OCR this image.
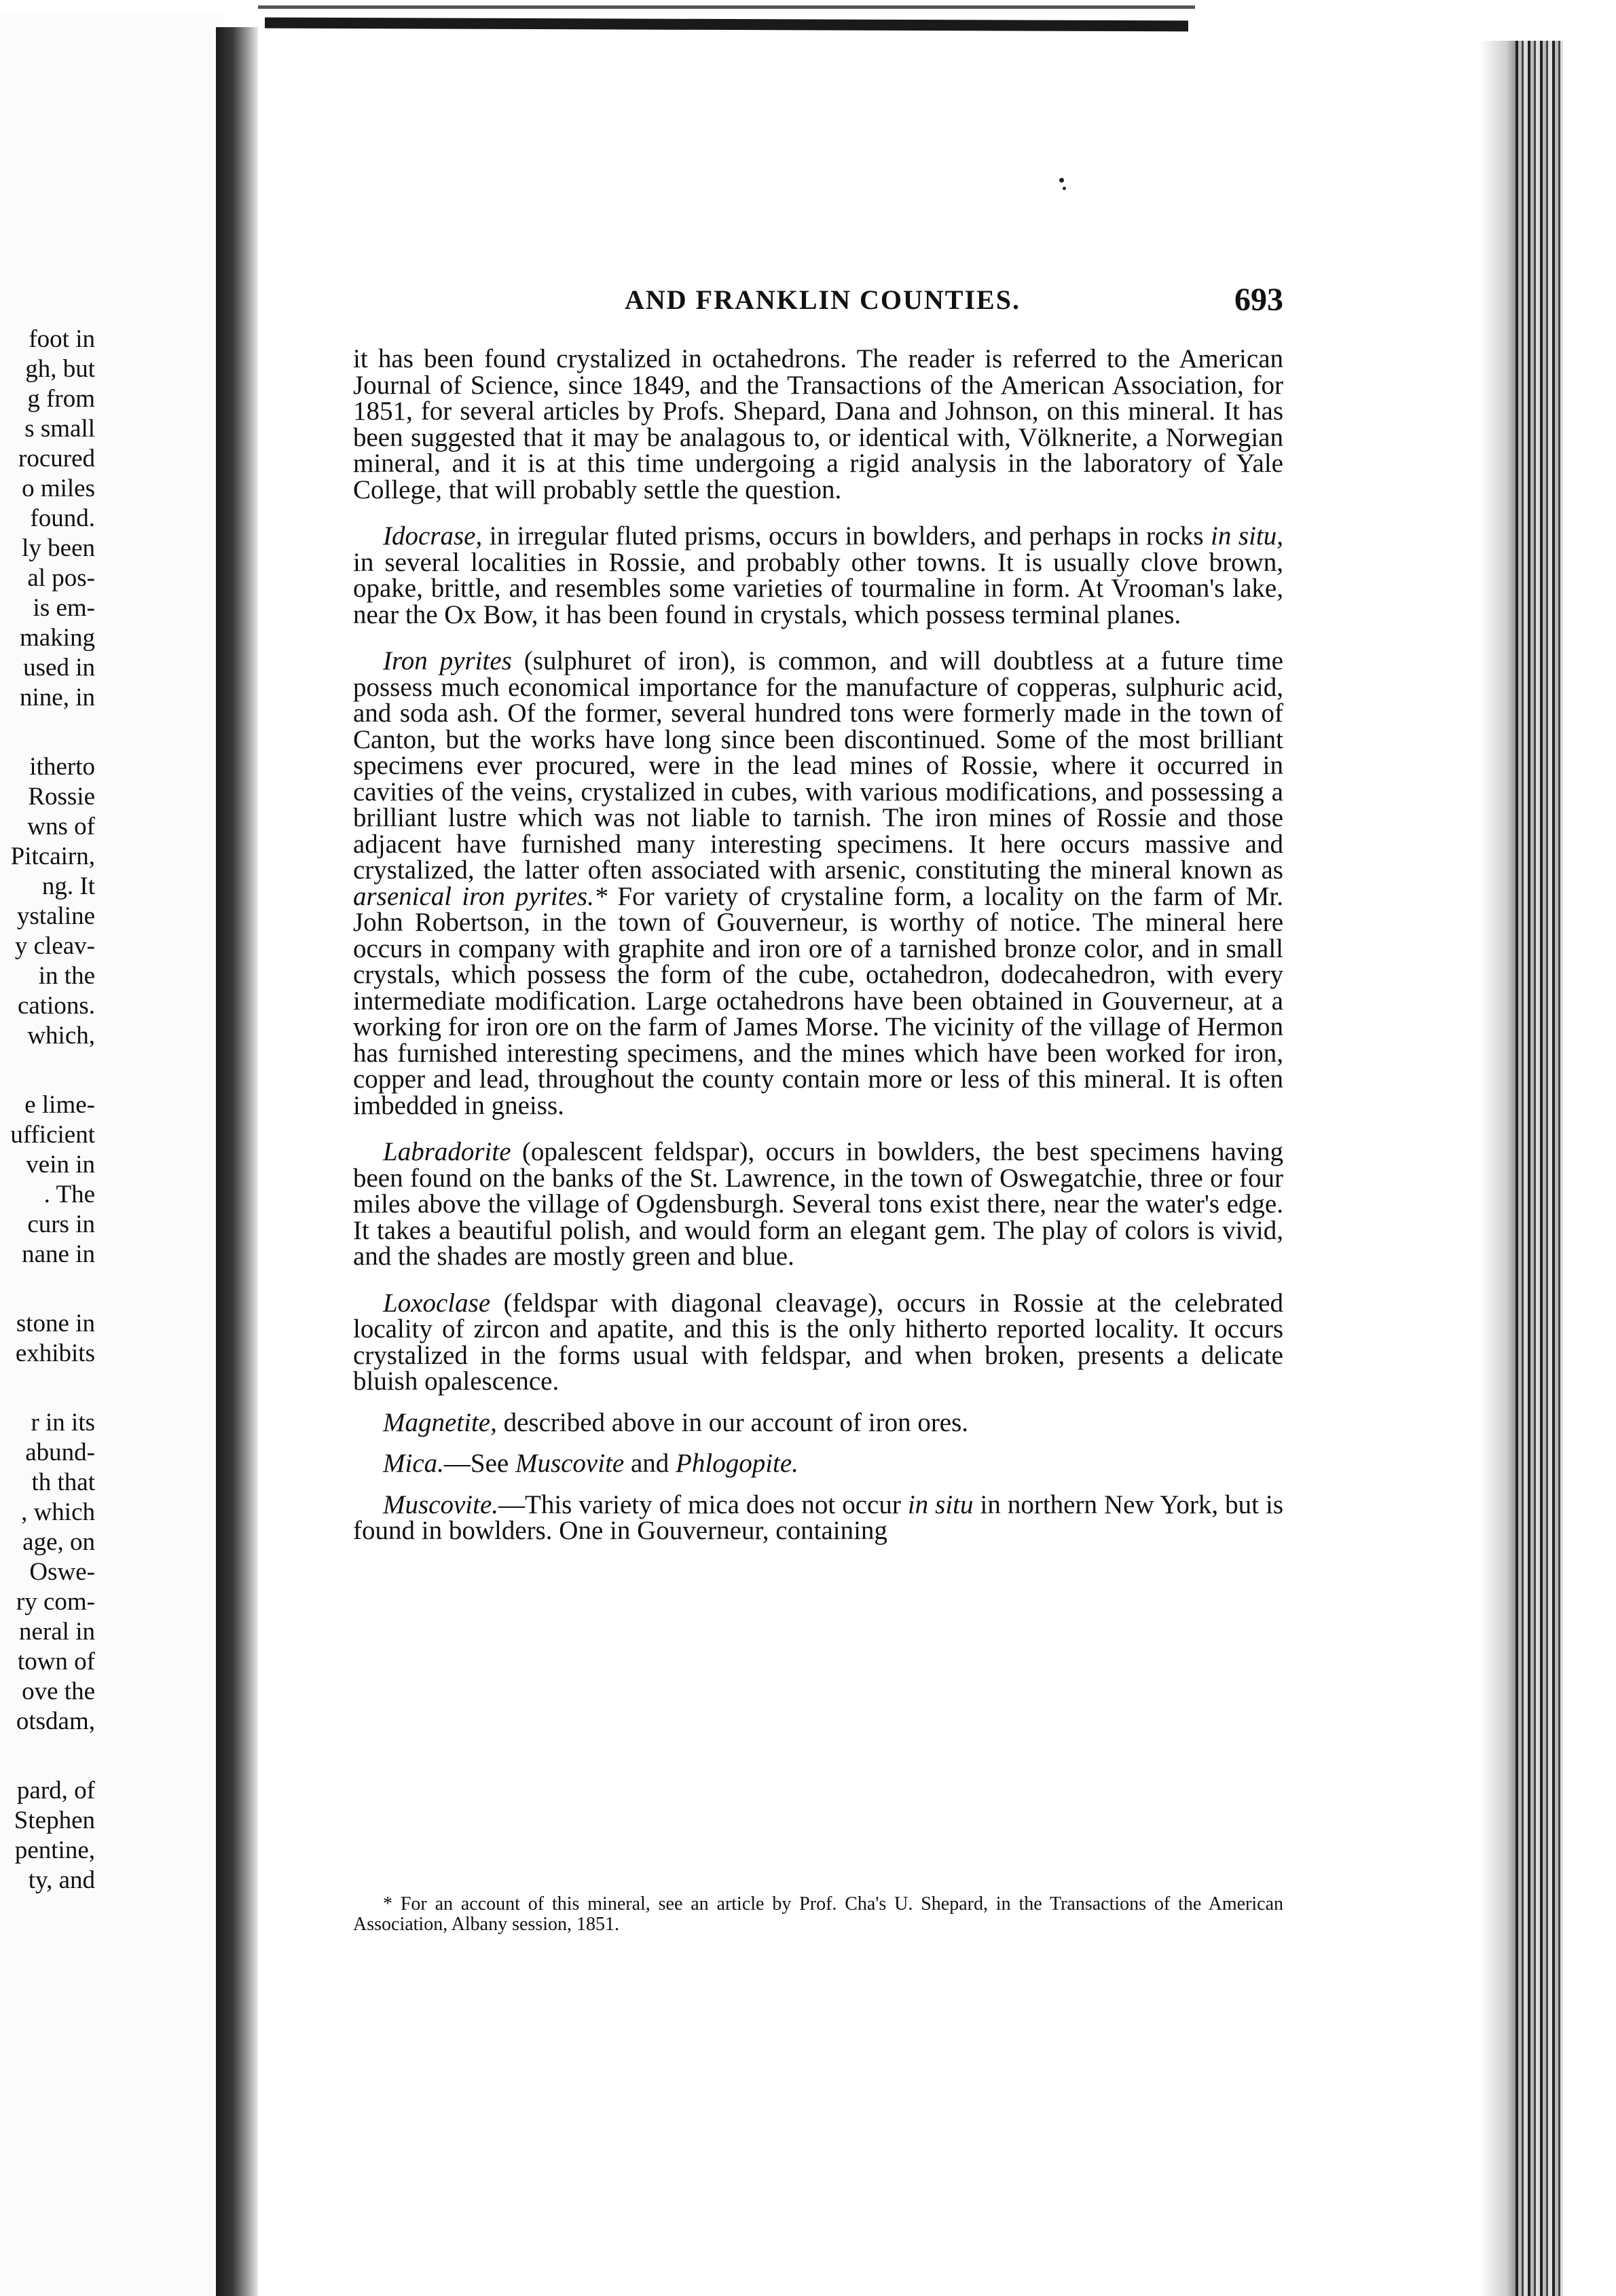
foot in
gh, but
g from
s small
rocured
o miles
found.
ly been
al pos-
is em-
making
used in
nine, in
itherto
Rossie
wns of
Pitcairn,
ng. It
ystaline
y cleav-
in the
cations.
which,
e lime-
ufficient
vein in
. The
curs in
nane in
stone in
exhibits
r in its
abund-
th that
, which
age, on
Oswe-
ry com-
neral in
town of
ove the
otsdam,
pard, of
Stephen
pentine,
ty, and
AND FRANKLIN COUNTIES.	693

it has been found crystalized in octahedrons. The reader is referred to the American Journal of Science, since 1849, and the Transactions of the American Association, for 1851, for several articles by Profs. Shepard, Dana and Johnson, on this mineral. It has been suggested that it may be analagous to, or identical with, Vӧlknerite, a Norwegian mineral, and it is at this time undergoing a rigid analysis in the laboratory of Yale College, that will probably settle the question.

Idocrase, in irregular fluted prisms, occurs in bowlders, and perhaps in rocks in situ, in several localities in Rossie, and probably other towns. It is usually clove brown, opake, brittle, and resembles some varieties of tourmaline in form. At Vrooman's lake, near the Ox Bow, it has been found in crystals, which possess terminal planes.

Iron pyrites (sulphuret of iron), is common, and will doubtless at a future time possess much economical importance for the manufacture of copperas, sulphuric acid, and soda ash. Of the former, several hundred tons were formerly made in the town of Canton, but the works have long since been discontinued. Some of the most brilliant specimens ever procured, were in the lead mines of Rossie, where it occurred in cavities of the veins, crystalized in cubes, with various modifications, and possessing a brilliant lustre which was not liable to tarnish. The iron mines of Rossie and those adjacent have furnished many interesting specimens. It here occurs massive and crystalized, the latter often associated with arsenic, constituting the mineral known as arsenical iron pyrites.* For variety of crystaline form, a locality on the farm of Mr. John Robertson, in the town of Gouverneur, is worthy of notice. The mineral here occurs in company with graphite and iron ore of a tarnished bronze color, and in small crystals, which possess the form of the cube, octahedron, dodecahedron, with every intermediate modification. Large octahedrons have been obtained in Gouverneur, at a working for iron ore on the farm of James Morse. The vicinity of the village of Hermon has furnished interesting specimens, and the mines which have been worked for iron, copper and lead, throughout the county contain more or less of this mineral. It is often imbedded in gneiss.

Labradorite (opalescent feldspar), occurs in bowlders, the best specimens having been found on the banks of the St. Lawrence, in the town of Oswegatchie, three or four miles above the village of Ogdensburgh. Several tons exist there, near the water's edge. It takes a beautiful polish, and would form an elegant gem. The play of colors is vivid, and the shades are mostly green and blue.

Loxoclase (feldspar with diagonal cleavage), occurs in Rossie at the celebrated locality of zircon and apatite, and this is the only hitherto reported locality. It occurs crystalized in the forms usual with feldspar, and when broken, presents a delicate bluish opalescence.

Magnetite, described above in our account of iron ores.

Mica.—See Muscovite and Phlogopite.

Muscovite.—This variety of mica does not occur in situ in northern New York, but is found in bowlders. One in Gouverneur, containing

* For an account of this mineral, see an article by Prof. Cha's U. Shepard, in the Transactions of the American Association, Albany session, 1851.
